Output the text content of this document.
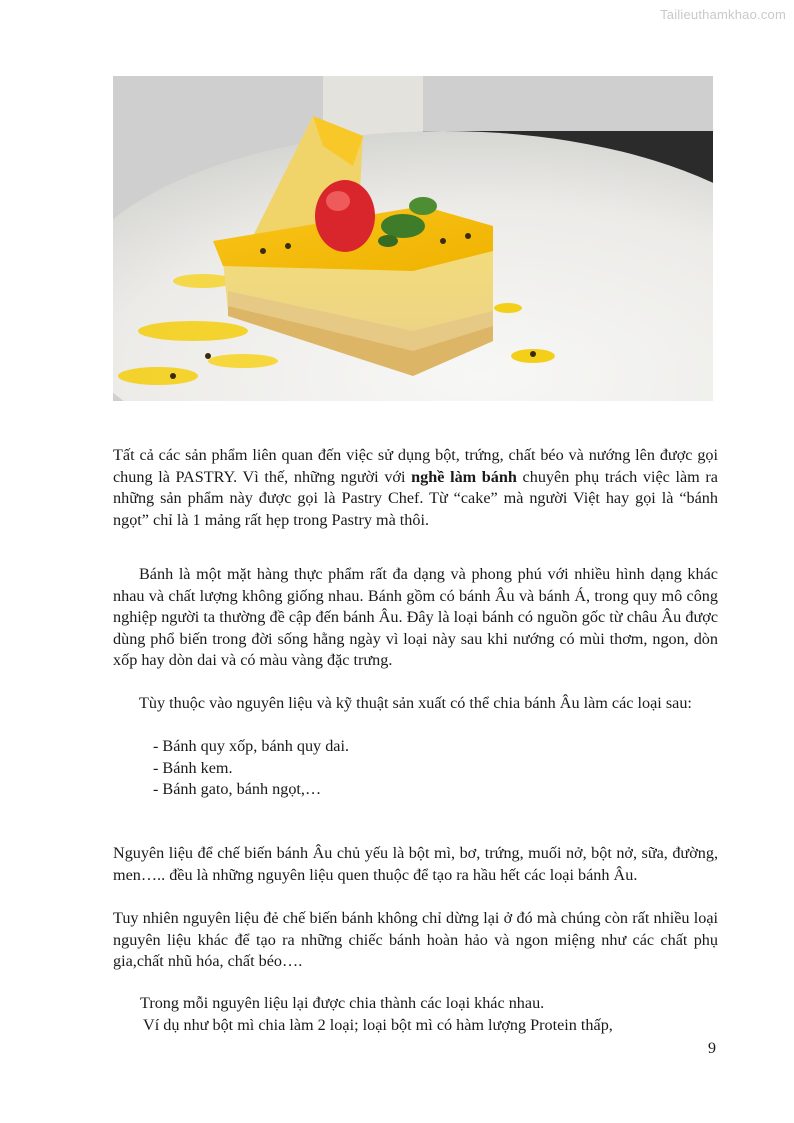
Tailieuthamkhao.com
Tất cả các sản phẩm liên quan đến việc sử dụng bột, trứng, chất béo và nướng lên được gọi chung là PASTRY. Vì thế, những người với nghề làm bánh chuyên phụ trách việc làm ra những sản phẩm này được gọi là Pastry Chef. Từ “cake” mà người Việt hay gọi là “bánh ngọt” chỉ là 1 mảng rất hẹp trong Pastry mà thôi.
Bánh là một mặt hàng thực phẩm rất đa dạng và phong phú với nhiều hình dạng khác nhau và chất lượng không giống nhau. Bánh gồm có bánh Âu và bánh Á, trong quy mô công nghiệp người ta thường đề cập đến bánh Âu. Đây là loại bánh có nguồn gốc từ châu Âu được dùng phổ biến trong đời sống hằng ngày vì loại này sau khi nướng có mùi thơm, ngon, dòn xốp hay dòn dai và có màu vàng đặc trưng.
Tùy thuộc vào nguyên liệu và kỹ thuật sản xuất có thể chia bánh Âu làm các loại sau:
- Bánh quy xốp, bánh quy dai.
- Bánh kem.
- Bánh gato, bánh ngọt,…
Nguyên liệu để chế biến bánh Âu chủ yếu là bột mì, bơ, trứng, muối nở, bột nở, sữa, đường, men….. đều là những nguyên liệu quen thuộc để tạo ra hầu hết các loại bánh Âu.
Tuy nhiên nguyên liệu đẻ chế biến bánh không chỉ dừng lại ở đó mà chúng còn rất nhiều loại nguyên liệu khác để tạo ra những chiếc bánh hoàn hảo và ngon miệng như các chất phụ gia,chất nhũ hóa, chất béo….
Trong mỗi nguyên liệu lại được chia thành các loại khác nhau.
Ví dụ như bột mì chia làm 2 loại; loại bột mì có hàm lượng Protein thấp,
9
